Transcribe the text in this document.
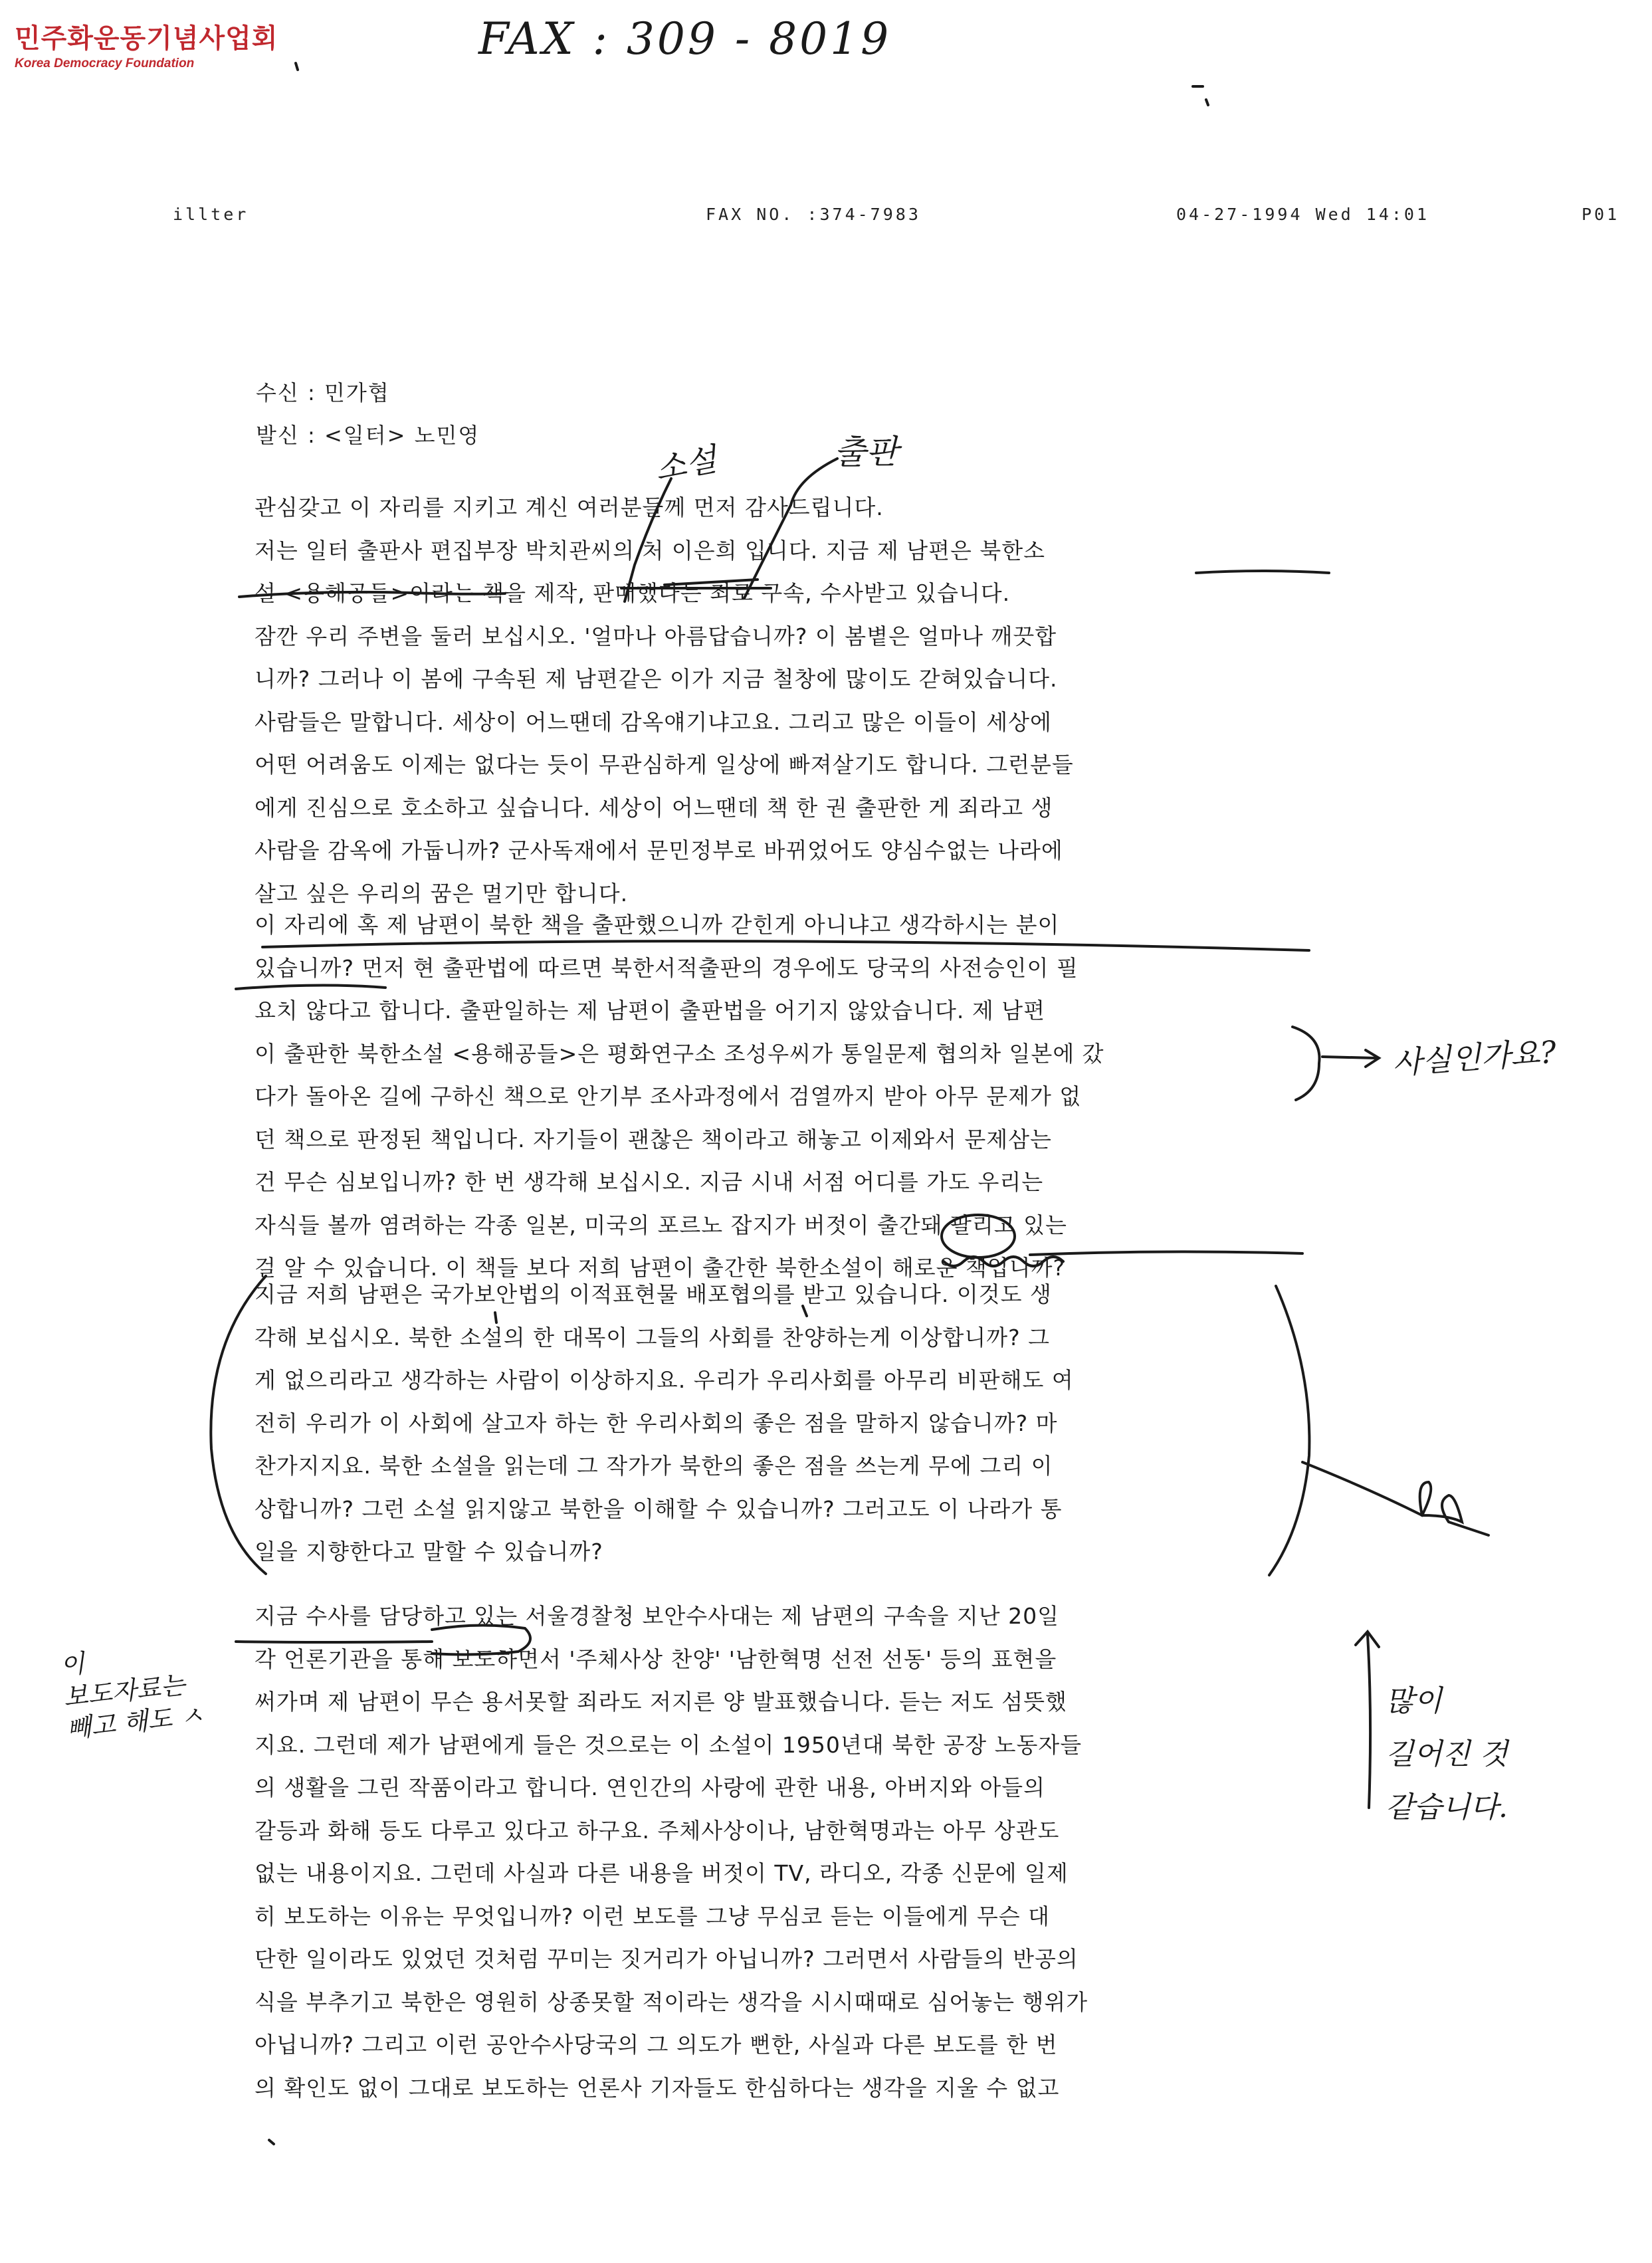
민주화운동기념사업회
Korea Democracy Foundation	FAX : 309 - 8019
illter	FAX NO. :374-7983	04-27-1994 Wed 14:01	P01
수신 : 민가협
발신 : <일터> 노민영
관심갖고 이 자리를 지키고 계신 여러분들께 먼저 감사드립니다.
저는 일터 출판사 편집부장 박치관씨의 처 이은희 입니다. 지금 제 남편은 북한소
설 <용해공들>이라는 책을 제작, 판매했다는 죄로 구속, 수사받고 있습니다.
잠깐 우리 주변을 둘러 보십시오. '얼마나 아름답습니까? 이 봄볕은 얼마나 깨끗합
니까? 그러나 이 봄에 구속된 제 남편같은 이가 지금 철창에 많이도 갇혀있습니다.
사람들은 말합니다. 세상이 어느땐데 감옥얘기냐고요. 그리고 많은 이들이 세상에
어떤 어려움도 이제는 없다는 듯이 무관심하게 일상에 빠져살기도 합니다. 그런분들
에게 진심으로 호소하고 싶습니다. 세상이 어느땐데 책 한 권 출판한 게 죄라고 생
사람을 감옥에 가둡니까? 군사독재에서 문민정부로 바뀌었어도 양심수없는 나라에
살고 싶은 우리의 꿈은 멀기만 합니다.
이 자리에 혹 제 남편이 북한 책을 출판했으니까 갇힌게 아니냐고 생각하시는 분이
있습니까? 먼저 현 출판법에 따르면 북한서적출판의 경우에도 당국의 사전승인이 필
요치 않다고 합니다. 출판일하는 제 남편이 출판법을 어기지 않았습니다. 제 남편
이 출판한 북한소설 <용해공들>은 평화연구소 조성우씨가 통일문제 협의차 일본에 갔
다가 돌아온 길에 구하신 책으로 안기부 조사과정에서 검열까지 받아 아무 문제가 없
던 책으로 판정된 책입니다. 자기들이 괜찮은 책이라고 해놓고 이제와서 문제삼는
건 무슨 심보입니까? 한 번 생각해 보십시오. 지금 시내 서점 어디를 가도 우리는
자식들 볼까 염려하는 각종 일본, 미국의 포르노 잡지가 버젓이 출간돼 팔리고 있는
걸 알 수 있습니다. 이 책들 보다 저희 남편이 출간한 북한소설이 해로운 책입니까?
지금 저희 남편은 국가보안법의 이적표현물 배포협의를 받고 있습니다. 이것도 생
각해 보십시오. 북한 소설의 한 대목이 그들의 사회를 찬양하는게 이상합니까? 그
게 없으리라고 생각하는 사람이 이상하지요. 우리가 우리사회를 아무리 비판해도 여
전히 우리가 이 사회에 살고자 하는 한 우리사회의 좋은 점을 말하지 않습니까? 마
찬가지지요. 북한 소설을 읽는데 그 작가가 북한의 좋은 점을 쓰는게 무에 그리 이
상합니까? 그런 소설 읽지않고 북한을 이해할 수 있습니까? 그러고도 이 나라가 통
일을 지향한다고 말할 수 있습니까?
지금 수사를 담당하고 있는 서울경찰청 보안수사대는 제 남편의 구속을 지난 20일
각 언론기관을 통해 보도하면서 '주체사상 찬양' '남한혁명 선전 선동' 등의 표현을
써가며 제 남편이 무슨 용서못할 죄라도 저지른 양 발표했습니다. 듣는 저도 섬뜻했
지요. 그런데 제가 남편에게 들은 것으로는 이 소설이 1950년대 북한 공장 노동자들
의 생활을 그린 작품이라고 합니다. 연인간의 사랑에 관한 내용, 아버지와 아들의
갈등과 화해 등도 다루고 있다고 하구요. 주체사상이나, 남한혁명과는 아무 상관도
없는 내용이지요. 그런데 사실과 다른 내용을 버젓이 TV, 라디오, 각종 신문에 일제
히 보도하는 이유는 무엇입니까? 이런 보도를 그냥 무심코 듣는 이들에게 무슨 대
단한 일이라도 있었던 것처럼 꾸미는 짓거리가 아닙니까? 그러면서 사람들의 반공의
식을 부추기고 북한은 영원히 상종못할 적이라는 생각을 시시때때로 심어놓는 행위가
아닙니까? 그리고 이런 공안수사당국의 그 의도가 뻔한, 사실과 다른 보도를 한 번
의 확인도 없이 그대로 보도하는 언론사 기자들도 한심하다는 생각을 지울 수 없고
소설	출판
사실인가요?
이
보도자료는
빼고 해도 ㅅ	많이
길어진 것
같습니다.
